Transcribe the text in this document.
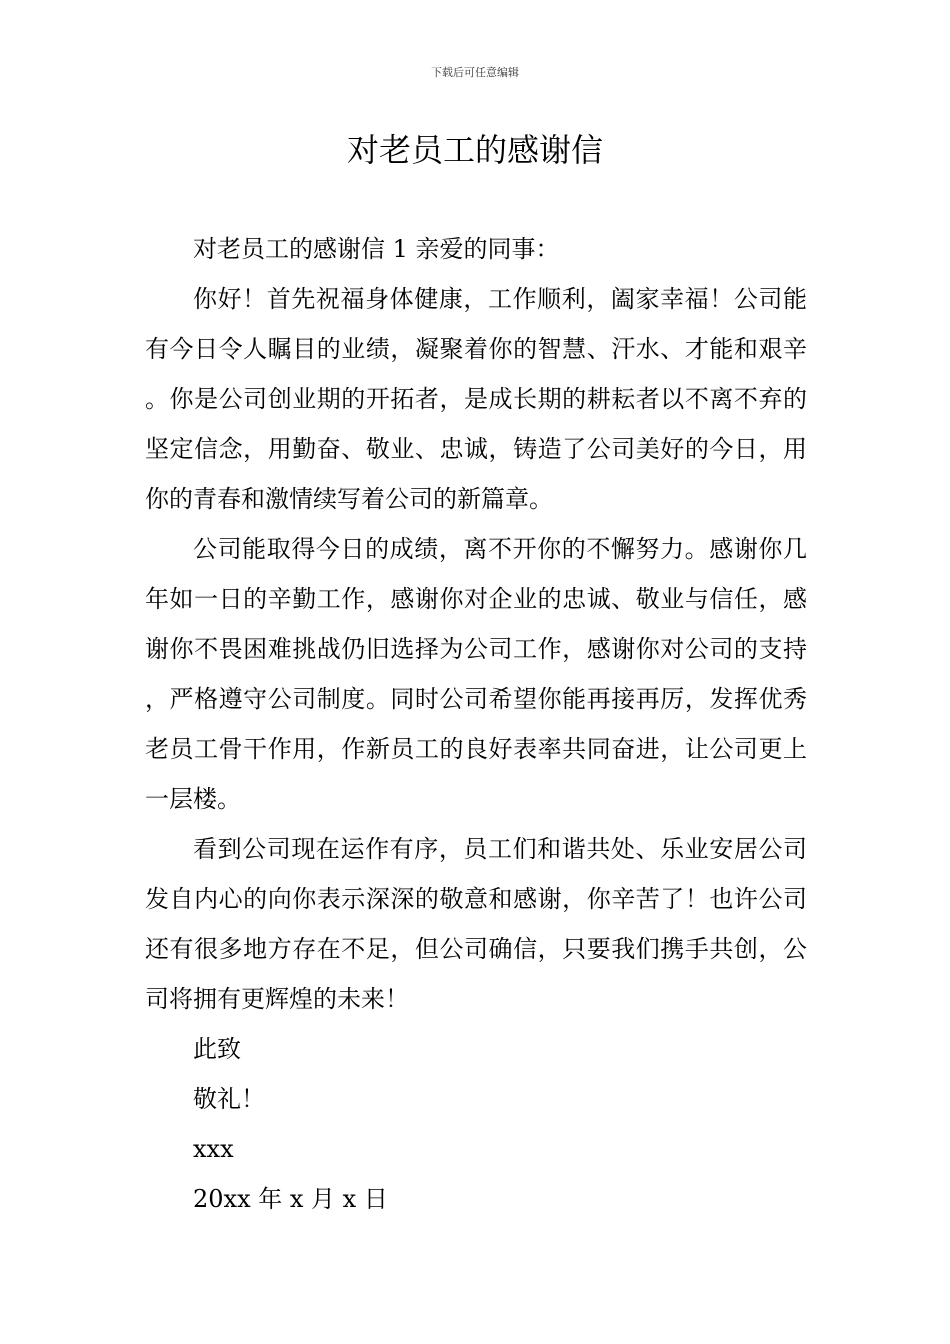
下载后可任意编辑
对老员工的感谢信

对老员工的感谢信 1 亲爱的同事：

你好！首先祝福身体健康，工作顺利，阖家幸福！公司能有今日令人瞩目的业绩，凝聚着你的智慧、汗水、才能和艰辛。你是公司创业期的开拓者，是成长期的耕耘者以不离不弃的坚定信念，用勤奋、敬业、忠诚，铸造了公司美好的今日，用你的青春和激情续写着公司的新篇章。

公司能取得今日的成绩，离不开你的不懈努力。感谢你几年如一日的辛勤工作，感谢你对企业的忠诚、敬业与信任，感谢你不畏困难挑战仍旧选择为公司工作，感谢你对公司的支持，严格遵守公司制度。同时公司希望你能再接再厉，发挥优秀老员工骨干作用，作新员工的良好表率共同奋进，让公司更上一层楼。

看到公司现在运作有序，员工们和谐共处、乐业安居公司发自内心的向你表示深深的敬意和感谢，你辛苦了！也许公司还有很多地方存在不足，但公司确信，只要我们携手共创，公司将拥有更辉煌的未来！

此致

敬礼！

xxx

20xx 年 x 月 x 日
